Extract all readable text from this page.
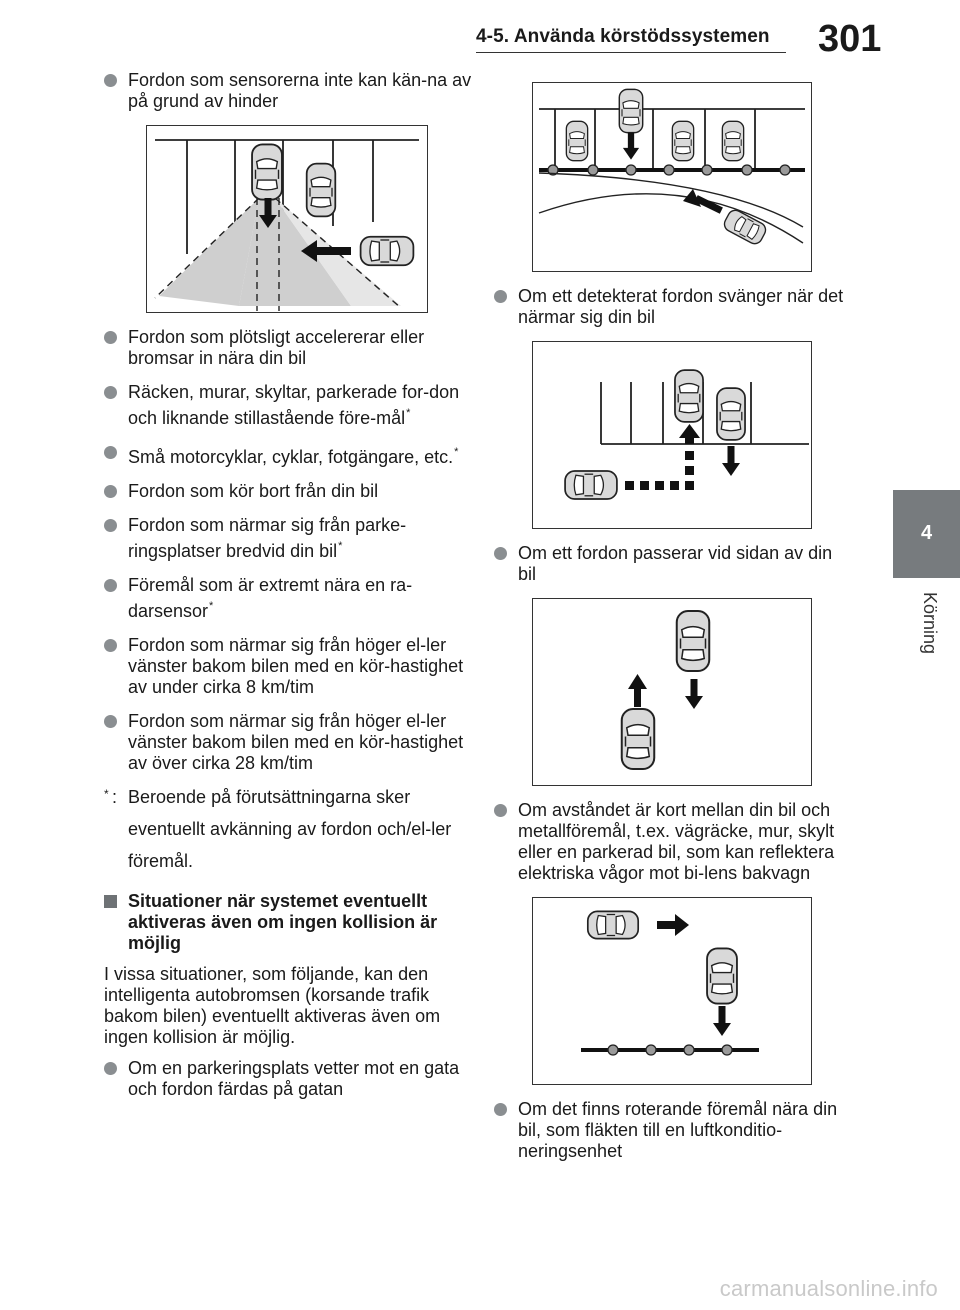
4-5. Använda körstödssystemen 301
4
Körning
Fordon som sensorerna inte kan kän-na av på grund av hinder
Fordon som plötsligt accelererar eller bromsar in nära din bil
Räcken, murar, skyltar, parkerade for-don och liknande stillastående före-mål*
Små motorcyklar, cyklar, fotgängare, etc.*
Fordon som kör bort från din bil
Fordon som närmar sig från parke-ringsplatser bredvid din bil*
Föremål som är extremt nära en ra-darsensor*
Fordon som närmar sig från höger el-ler vänster bakom bilen med en kör-hastighet av under cirka 8 km/tim
Fordon som närmar sig från höger el-ler vänster bakom bilen med en kör-hastighet av över cirka 28 km/tim
* : Beroende på förutsättningarna sker eventuellt avkänning av fordon och/el-ler föremål.
Situationer när systemet eventuellt aktiveras även om ingen kollision är möjlig
I vissa situationer, som följande, kan den intelligenta autobromsen (korsande trafik bakom bilen) eventuellt aktiveras även om ingen kollision är möjlig.
Om en parkeringsplats vetter mot en gata och fordon färdas på gatan
Om ett detekterat fordon svänger när det närmar sig din bil
Om ett fordon passerar vid sidan av din bil
Om avståndet är kort mellan din bil och metallföremål, t.ex. vägräcke, mur, skylt eller en parkerad bil, som kan reflektera elektriska vågor mot bi-lens bakvagn
Om det finns roterande föremål nära din bil, som fläkten till en luftkonditio-neringsenhet
carmanualsonline.info
